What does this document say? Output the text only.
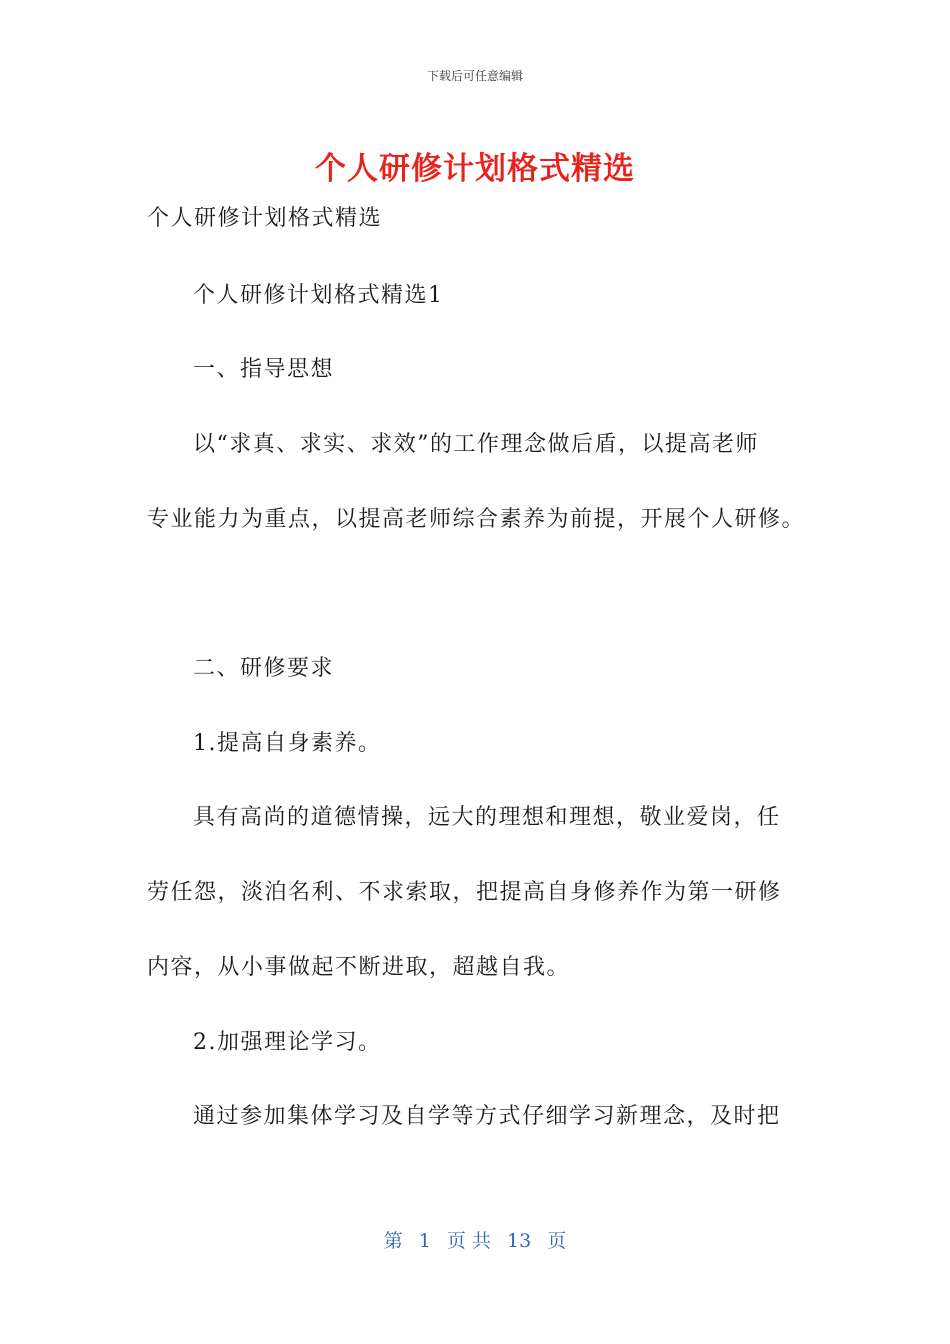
下载后可任意编辑
个人研修计划格式精选
个人研修计划格式精选
个人研修计划格式精选1
一、指导思想
以“求真、求实、求效”的工作理念做后盾，以提高老师
专业能力为重点，以提高老师综合素养为前提，开展个人研修。
二、研修要求
1.提高自身素养。
具有高尚的道德情操，远大的理想和理想，敬业爱岗，任
劳任怨，淡泊名利、不求索取，把提高自身修养作为第一研修
内容，从小事做起不断进取，超越自我。
2.加强理论学习。
通过参加集体学习及自学等方式仔细学习新理念，及时把
第 1 页 共 13 页
